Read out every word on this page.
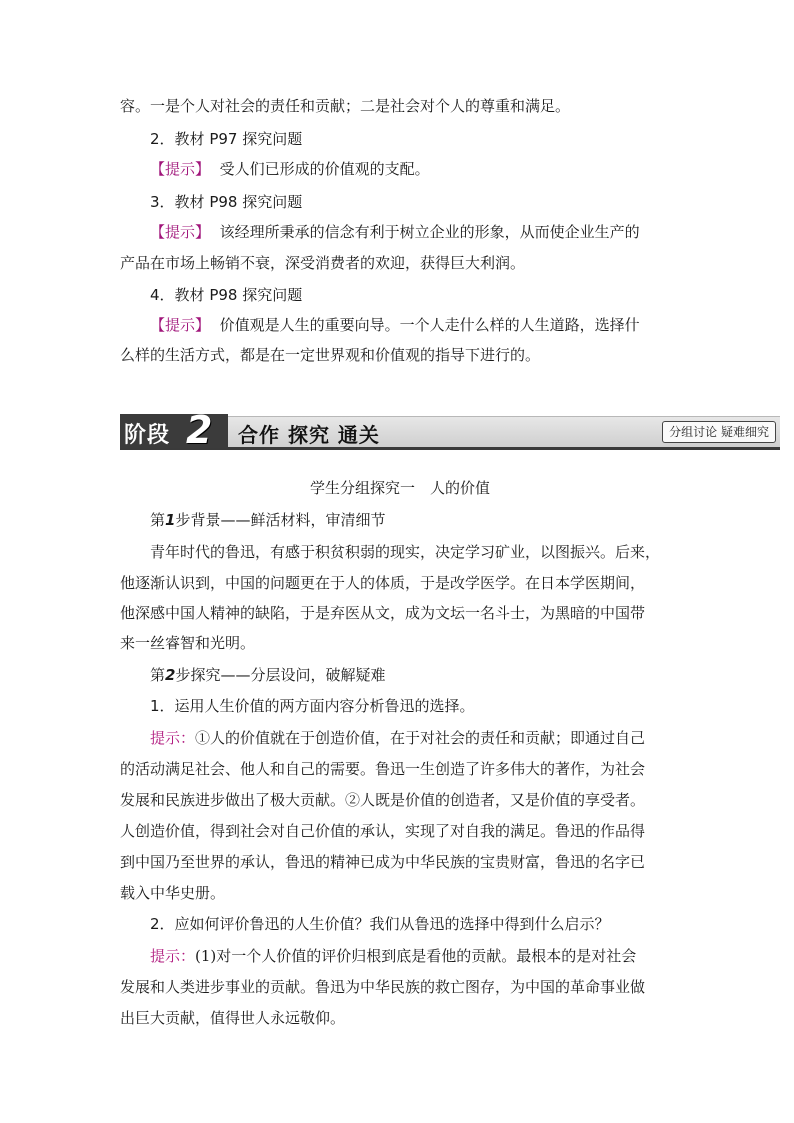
容。一是个人对社会的责任和贡献；二是社会对个人的尊重和满足。
2．教材 P97 探究问题
【提示】 受人们已形成的价值观的支配。
3．教材 P98 探究问题
【提示】 该经理所秉承的信念有利于树立企业的形象，从而使企业生产的
产品在市场上畅销不衰，深受消费者的欢迎，获得巨大利润。
4．教材 P98 探究问题
【提示】 价值观是人生的重要向导。一个人走什么样的人生道路，选择什
么样的生活方式，都是在一定世界观和价值观的指导下进行的。
阶段 2 合作 探究 通关	分组讨论 疑难细究
学生分组探究一　人的价值
第1步背景——鲜活材料，审清细节
青年时代的鲁迅，有感于积贫积弱的现实，决定学习矿业，以图振兴。后来，
他逐渐认识到，中国的问题更在于人的体质，于是改学医学。在日本学医期间，
他深感中国人精神的缺陷，于是弃医从文，成为文坛一名斗士，为黑暗的中国带
来一丝睿智和光明。
第2步探究——分层设问，破解疑难
1．运用人生价值的两方面内容分析鲁迅的选择。
提示：①人的价值就在于创造价值，在于对社会的责任和贡献；即通过自己
的活动满足社会、他人和自己的需要。鲁迅一生创造了许多伟大的著作，为社会
发展和民族进步做出了极大贡献。②人既是价值的创造者，又是价值的享受者。
人创造价值，得到社会对自己价值的承认，实现了对自我的满足。鲁迅的作品得
到中国乃至世界的承认，鲁迅的精神已成为中华民族的宝贵财富，鲁迅的名字已
载入中华史册。
2．应如何评价鲁迅的人生价值？我们从鲁迅的选择中得到什么启示？
提示：(1)对一个人价值的评价归根到底是看他的贡献。最根本的是对社会
发展和人类进步事业的贡献。鲁迅为中华民族的救亡图存，为中国的革命事业做
出巨大贡献，值得世人永远敬仰。
